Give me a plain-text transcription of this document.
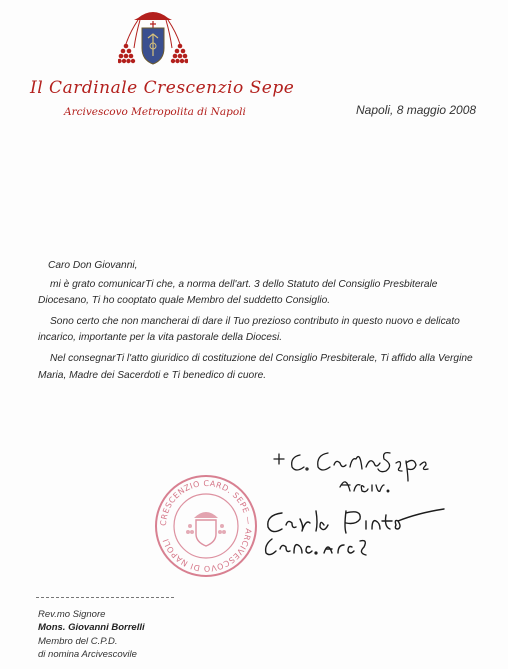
Il Cardinale Crescenzio Sepe
Arcivescovo Metropolita di Napoli	Napoli, 8 maggio 2008

Caro Don Giovanni,

mi è grato comunicarTi che, a norma dell'art. 3 dello Statuto del Consiglio Presbiterale Diocesano, Ti ho cooptato quale Membro del suddetto Consiglio.

Sono certo che non mancherai di dare il Tuo prezioso contributo in questo nuovo e delicato incarico, importante per la vita pastorale della Diocesi.

Nel consegnarTi l'atto giuridico di costituzione del Consiglio Presbiterale, Ti affido alla Vergine Maria, Madre dei Sacerdoti e Ti benedico di cuore.

CRESCENZIO CARD. SEPE — ARCIVESCOVO DI NAPOLI
Rev.mo Signore
Mons. Giovanni Borrelli
Membro del C.P.D.
di nomina Arcivescovile
